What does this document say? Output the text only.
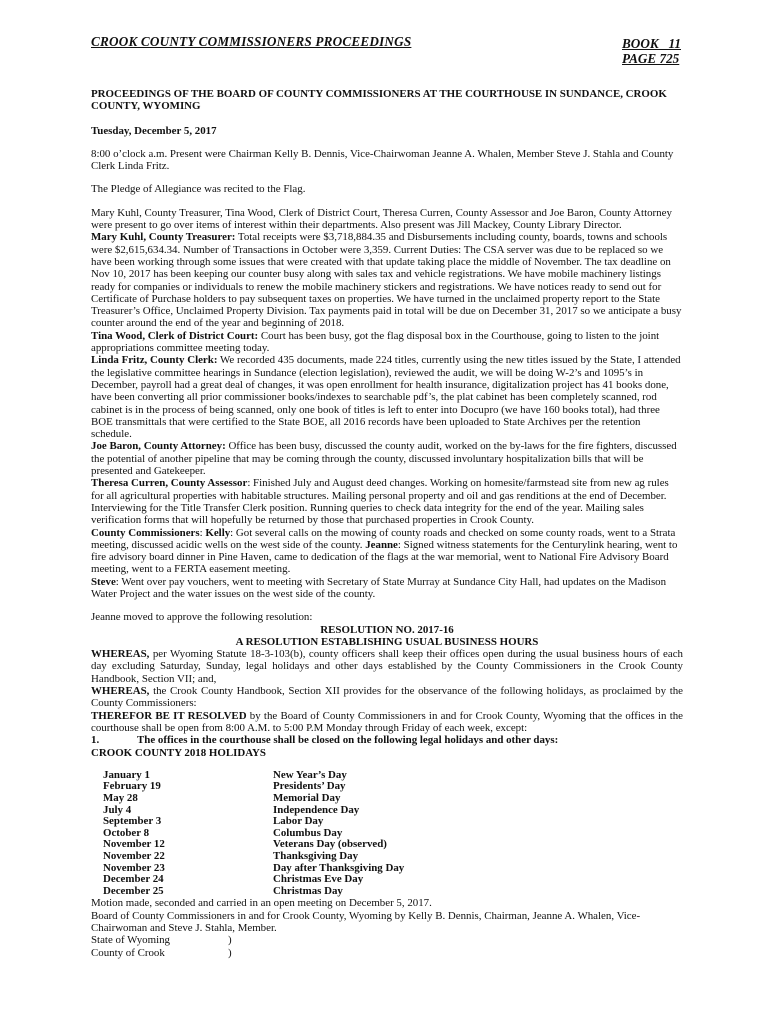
CROOK COUNTY COMMISSIONERS PROCEEDINGS	BOOK   11
PAGE 725
PROCEEDINGS OF THE BOARD OF COUNTY COMMISSIONERS AT THE COURTHOUSE IN SUNDANCE, CROOK COUNTY, WYOMING
Tuesday, December 5, 2017

8:00 o’clock a.m. Present were Chairman Kelly B. Dennis, Vice-Chairwoman Jeanne A. Whalen, Member Steve J. Stahla and County Clerk Linda Fritz.

The Pledge of Allegiance was recited to the Flag.

Mary Kuhl, County Treasurer, Tina Wood, Clerk of District Court, Theresa Curren, County Assessor and Joe Baron, County Attorney were present to go over items of interest within their departments. Also present was Jill Mackey, County Library Director.

Mary Kuhl, County Treasurer: Total receipts were $3,718,884.35 and Disbursements including county, boards, towns and schools were $2,615,634.34. Number of Transactions in October were 3,359. Current Duties: The CSA server was due to be replaced so we have been working through some issues that were created with that update taking place the middle of November. The tax deadline on Nov 10, 2017 has been keeping our counter busy along with sales tax and vehicle registrations. We have mobile machinery listings ready for companies or individuals to renew the mobile machinery stickers and registrations. We have notices ready to send out for Certificate of Purchase holders to pay subsequent taxes on properties. We have turned in the unclaimed property report to the State Treasurer’s Office, Unclaimed Property Division. Tax payments paid in total will be due on December 31, 2017 so we anticipate a busy counter around the end of the year and beginning of 2018.

Tina Wood, Clerk of District Court: Court has been busy, got the flag disposal box in the Courthouse, going to listen to the joint appropriations committee meeting today.

Linda Fritz, County Clerk: We recorded 435 documents, made 224 titles, currently using the new titles issued by the State, I attended the legislative committee hearings in Sundance (election legislation), reviewed the audit, we will be doing W-2’s and 1095’s in December, payroll had a great deal of changes, it was open enrollment for health insurance, digitalization project has 41 books done, have been converting all prior commissioner books/indexes to searchable pdf’s, the plat cabinet has been completely scanned, rod cabinet is in the process of being scanned, only one book of titles is left to enter into Docupro (we have 160 books total), had three BOE transmittals that were certified to the State BOE, all 2016 records have been uploaded to State Archives per the retention schedule.

Joe Baron, County Attorney: Office has been busy, discussed the county audit, worked on the by-laws for the fire fighters, discussed the potential of another pipeline that may be coming through the county, discussed involuntary hospitalization bills that will be presented and Gatekeeper.

Theresa Curren, County Assessor: Finished July and August deed changes. Working on homesite/farmstead site from new ag rules for all agricultural properties with habitable structures. Mailing personal property and oil and gas renditions at the end of December. Interviewing for the Title Transfer Clerk position. Running queries to check data integrity for the end of the year. Mailing sales verification forms that will hopefully be returned by those that purchased properties in Crook County.

County Commissioners: Kelly: Got several calls on the mowing of county roads and checked on some county roads, went to a Strata meeting, discussed acidic wells on the west side of the county. Jeanne: Signed witness statements for the Centurylink hearing, went to fire advisory board dinner in Pine Haven, came to dedication of the flags at the war memorial, went to National Fire Advisory Board meeting, went to a FERTA easement meeting.

Steve: Went over pay vouchers, went to meeting with Secretary of State Murray at Sundance City Hall, had updates on the Madison Water Project and the water issues on the west side of the county.

Jeanne moved to approve the following resolution:

RESOLUTION NO. 2017-16
A RESOLUTION ESTABLISHING USUAL BUSINESS HOURS

WHEREAS, per Wyoming Statute 18-3-103(b), county officers shall keep their offices open during the usual business hours of each day excluding Saturday, Sunday, legal holidays and other days established by the County Commissioners in the Crook County Handbook, Section VII; and,

WHEREAS, the Crook County Handbook, Section XII provides for the observance of the following holidays, as proclaimed by the County Commissioners:

THEREFOR BE IT RESOLVED by the Board of County Commissioners in and for Crook County, Wyoming that the offices in the courthouse shall be open from 8:00 A.M. to 5:00 P.M Monday through Friday of each week, except:

1.	The offices in the courthouse shall be closed on the following legal holidays and other days:

CROOK COUNTY 2018 HOLIDAYS

January 1	New Year’s Day
February 19	Presidents’ Day
May 28	Memorial Day
July 4	Independence Day
September 3	Labor Day
October 8	Columbus Day
November 12	Veterans Day (observed)
November 22	Thanksgiving Day
November 23	Day after Thanksgiving Day
December 24	Christmas Eve Day
December 25	Christmas Day

Motion made, seconded and carried in an open meeting on December 5, 2017.

Board of County Commissioners in and for Crook County, Wyoming by Kelly B. Dennis, Chairman, Jeanne A. Whalen, Vice-Chairwoman and Steve J. Stahla, Member.

State of Wyoming	)
County of Crook	)
